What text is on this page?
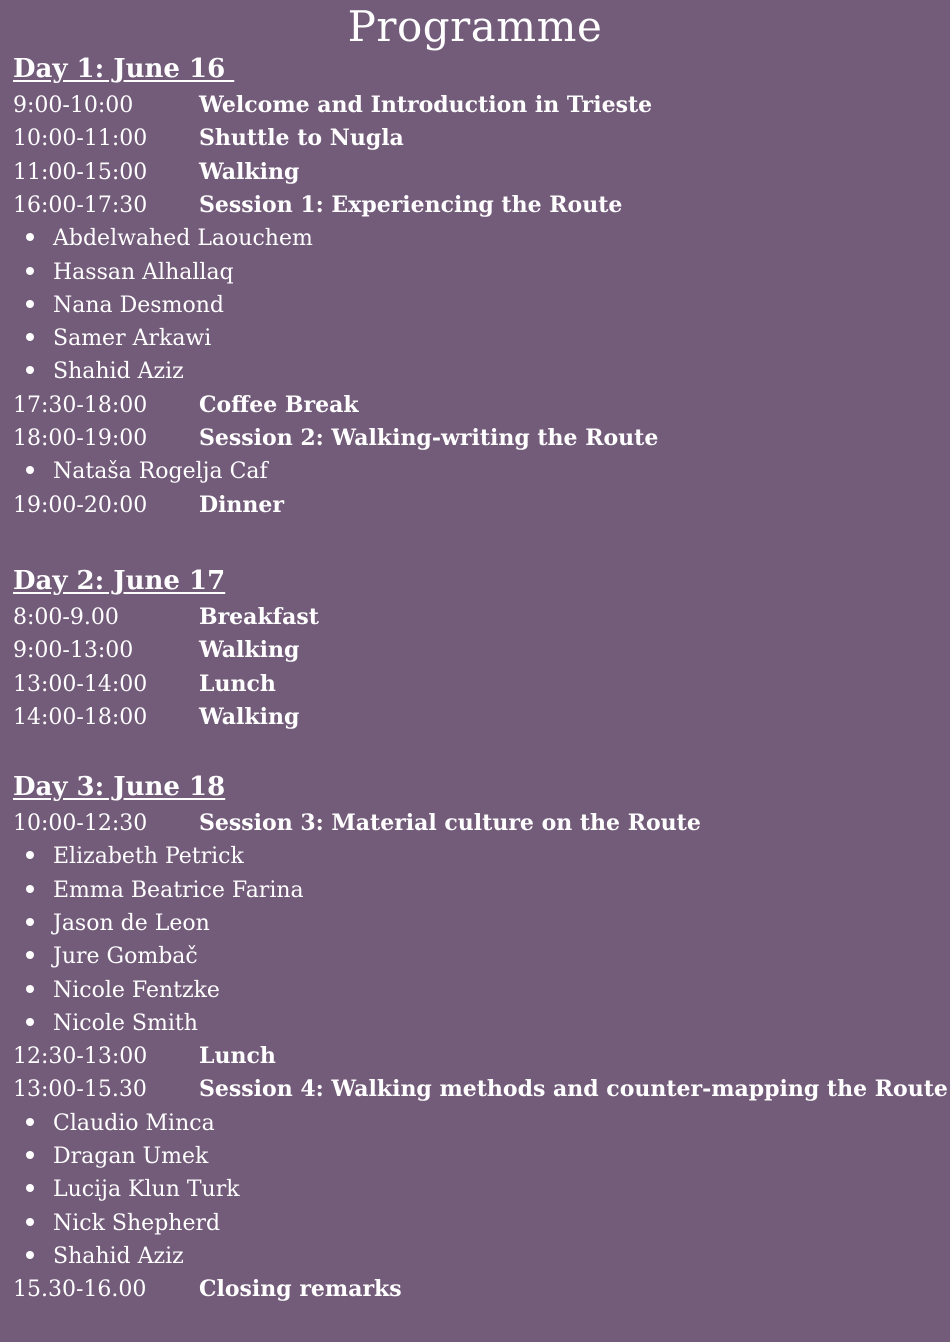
Programme
Day 1: June 16
9:00-10:00	Welcome and Introduction in Trieste
10:00-11:00 Shuttle to Nugla
11:00-15:00 Walking
16:00-17:30 Session 1: Experiencing the Route
Abdelwahed Laouchem
Hassan Alhallaq
Nana Desmond
Samer Arkawi
Shahid Aziz
17:30-18:00 Coffee Break
18:00-19:00 Session 2: Walking-writing the Route
Nataša Rogelja Caf
19:00-20:00 Dinner
Day 2: June 17
8:00-9.00	Breakfast
9:00-13:00	Walking
13:00-14:00 Lunch
14:00-18:00 Walking
Day 3: June 18
10:00-12:30 Session 3: Material culture on the Route
Elizabeth Petrick
Emma Beatrice Farina
Jason de Leon
Jure Gombač
Nicole Fentzke
Nicole Smith
12:30-13:00 Lunch
13:00-15.30 Session 4: Walking methods and counter-mapping the Route
Claudio Minca
Dragan Umek
Lucija Klun Turk
Nick Shepherd
Shahid Aziz
15.30-16.00 Closing remarks
